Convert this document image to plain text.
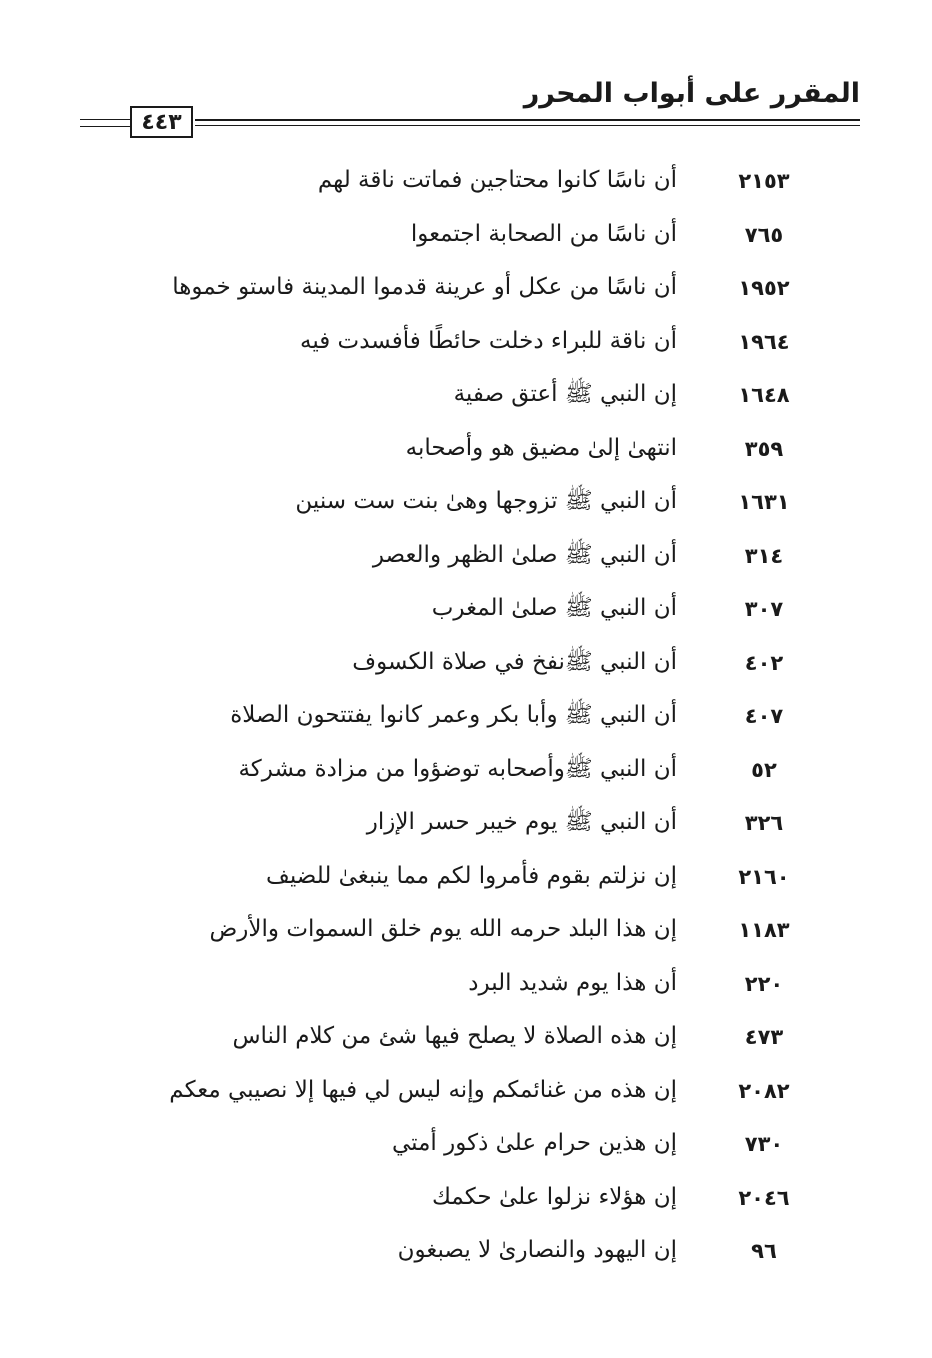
المقرر على أبواب المحرر
٤٤٣
٢١٥٣
أن ناسًا كانوا محتاجين فماتت ناقة لهم
٧٦٥
أن ناسًا من الصحابة اجتمعوا
١٩٥٢
أن ناسًا من عكل أو عرينة قدموا المدينة فاستو خموها
١٩٦٤
أن ناقة للبراء دخلت حائطًا فأفسدت فيه
١٦٤٨
إن النبي ﷺ أعتق صفية
٣٥٩
انتهىٰ إلىٰ مضيق هو وأصحابه
١٦٣١
أن النبي ﷺ تزوجها وهىٰ بنت ست سنين
٣١٤
أن النبي ﷺ صلىٰ الظهر والعصر
٣٠٧
أن النبي ﷺ صلىٰ المغرب
٤٠٢
أن النبي ﷺنفخ في صلاة الكسوف
٤٠٧
أن النبي ﷺ وأبا بكر وعمر كانوا يفتتحون الصلاة
٥٢
أن النبي ﷺوأصحابه توضؤوا من مزادة مشركة
٣٢٦
أن النبي ﷺ يوم خيبر حسر الإزار
٢١٦٠
إن نزلتم بقوم فأمروا لكم مما ينبغىٰ للضيف
١١٨٣
إن هذا البلد حرمه الله يوم خلق السموات والأرض
٢٢٠
أن هذا يوم شديد البرد
٤٧٣
إن هذه الصلاة لا يصلح فيها شئ من كلام الناس
٢٠٨٢
إن هذه من غنائمكم وإنه ليس لي فيها إلا نصيبي معكم
٧٣٠
إن هذين حرام علىٰ ذكور أمتي
٢٠٤٦
إن هؤلاء نزلوا علىٰ حكمك
٩٦
إن اليهود والنصارىٰ لا يصبغون
